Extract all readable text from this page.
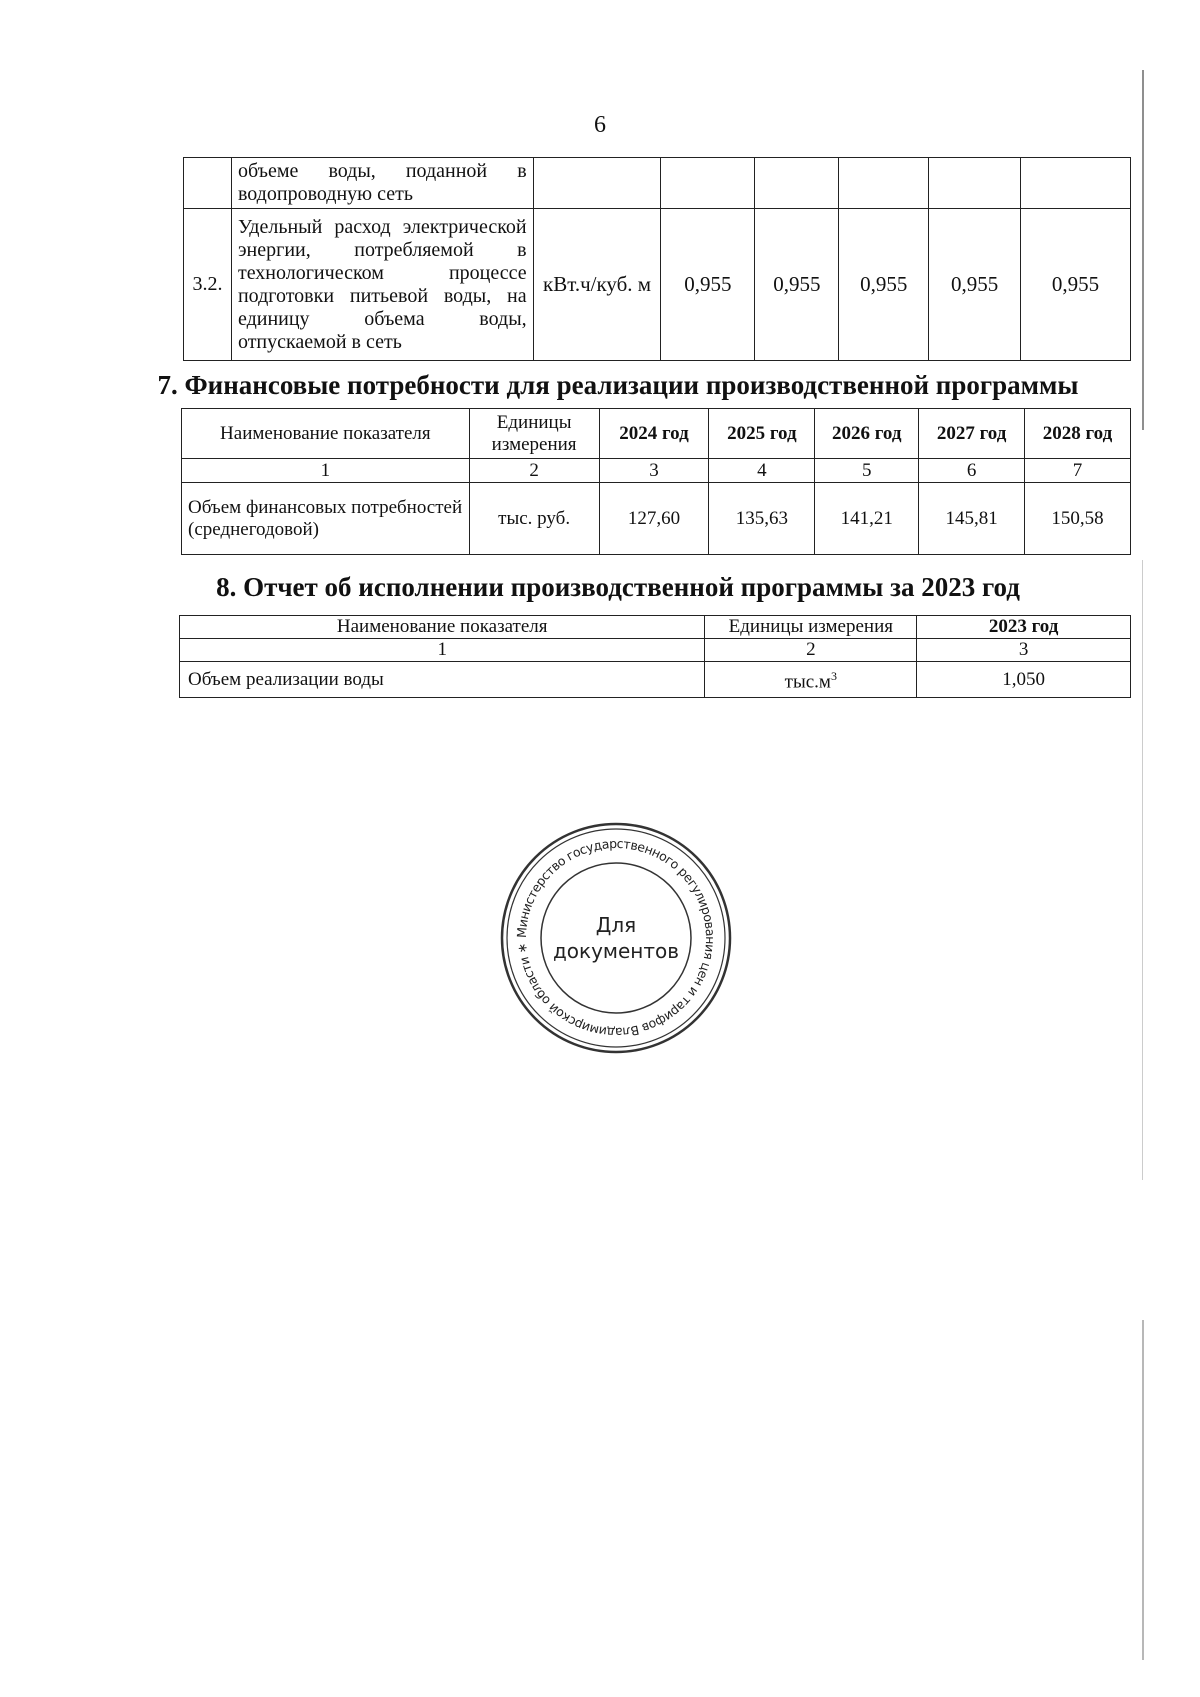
6
	объеме воды, поданной в водопроводную сеть						
3.2.	Удельный расход электрической энергии, потребляемой в технологическом процессе подготовки питьевой воды, на единицу объема воды, отпускаемой в сеть	кВт.ч/куб. м	0,955	0,955	0,955	0,955	0,955
7. Финансовые потребности для реализации производственной программы
Наименование показателя	Единицы измерения	2024 год	2025 год	2026 год	2027 год	2028 год
1	2	3	4	5	6	7
Объем финансовых потребностей (среднегодовой)	тыс. руб.	127,60	135,63	141,21	145,81	150,58
8. Отчет об исполнении производственной программы за 2023 год
Наименование показателя	Единицы измерения	2023 год
1	2	3
Объем реализации воды	$тыс.м^3$	1,050
Министерство государственного регулирования цен и тарифов Владимирской области ∗
Для
документов
